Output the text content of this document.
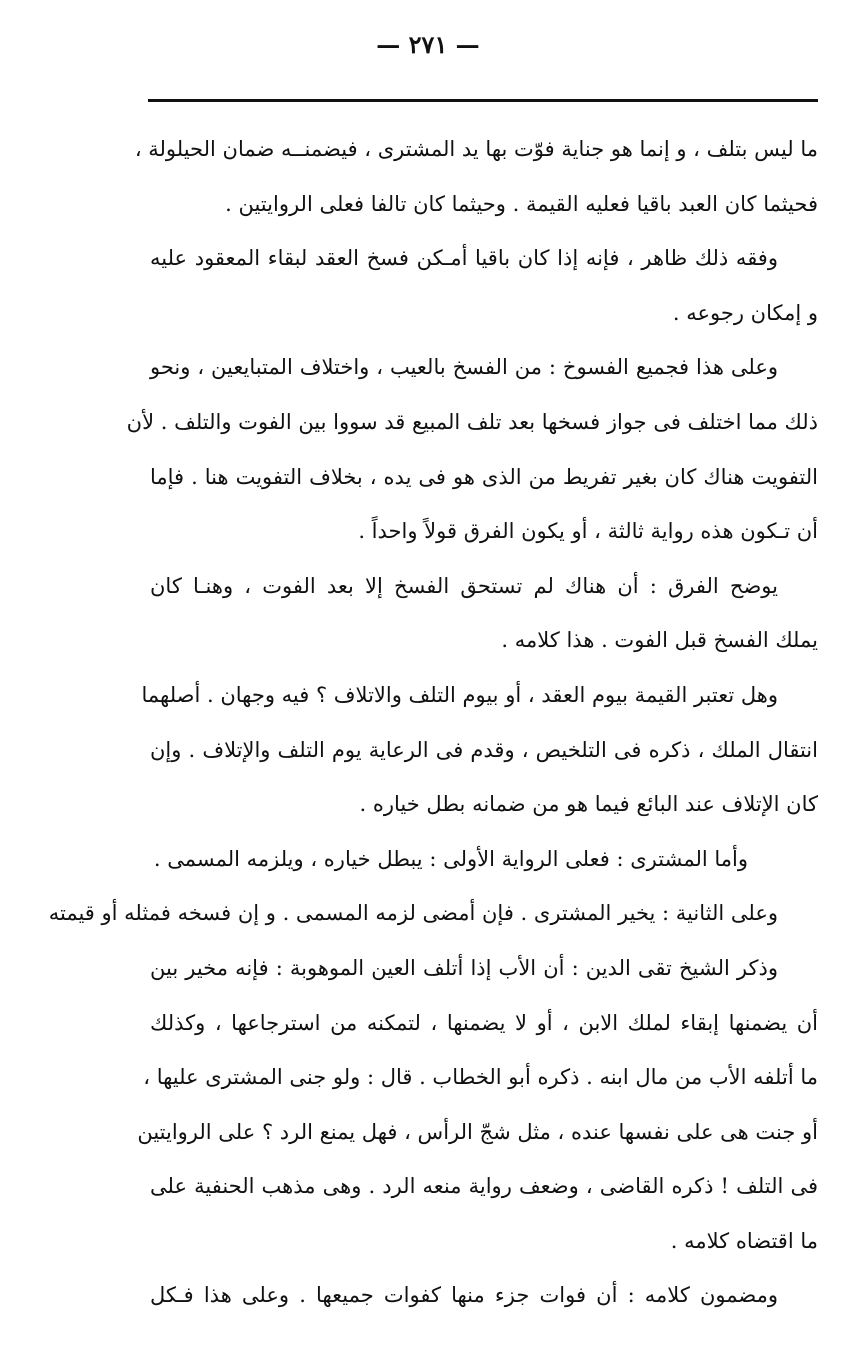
— ٢٧١ —
ما ليس بتلف ، و إنما هو جناية فوّت بها يد المشترى ، فيضمنــه ضمان الحيلولة ،
فحيثما كان العبد باقيا فعليه القيمة . وحيثما كان تالفا فعلى الروايتين .
وفقه ذلك ظاهر ، فإنه إذا كان باقيا أمـكن فسخ العقد لبقاء المعقود عليه
و إمكان رجوعه .
وعلى هذا فجميع الفسوخ : من الفسخ بالعيب ، واختلاف المتبايعين ، ونحو
ذلك مما اختلف فى جواز فسخها بعد تلف المبيع قد سووا بين الفوت والتلف . لأن
التفويت هناك كان بغير تفريط من الذى هو فى يده ، بخلاف التفويت هنا . فإما
أن تـكون هذه رواية ثالثة ، أو يكون الفرق قولاً واحداً .
يوضح الفرق : أن هناك لم تستحق الفسخ إلا بعد الفوت ، وهنـا كان
يملك الفسخ قبل الفوت . هذا كلامه .
وهل تعتبر القيمة بيوم العقد ، أو بيوم التلف والاتلاف ؟ فيه وجهان . أصلهما
انتقال الملك ، ذكره فى التلخيص ، وقدم فى الرعاية يوم التلف والإتلاف . وإن
كان الإتلاف عند البائع فيما هو من ضمانه بطل خياره .
وأما المشترى : فعلى الرواية الأولى : يبطل خياره ، ويلزمه المسمى .
وعلى الثانية : يخير المشترى . فإن أمضى لزمه المسمى . و إن فسخه فمثله أو قيمته
وذكر الشيخ تقى الدين : أن الأب إذا أتلف العين الموهوبة : فإنه مخير بين
أن يضمنها إبقاء لملك الابن ، أو لا يضمنها ، لتمكنه من استرجاعها ، وكذلك
ما أتلفه الأب من مال ابنه . ذكره أبو الخطاب . قال : ولو جنى المشترى عليها ،
أو جنت هى على نفسها عنده ، مثل شجّ الرأس ، فهل يمنع الرد ؟ على الروايتين
فى التلف ! ذكره القاضى ، وضعف رواية منعه الرد . وهى مذهب الحنفية على
ما اقتضاه كلامه .
ومضمون كلامه : أن فوات جزء منها كفوات جميعها . وعلى هذا فـكل
